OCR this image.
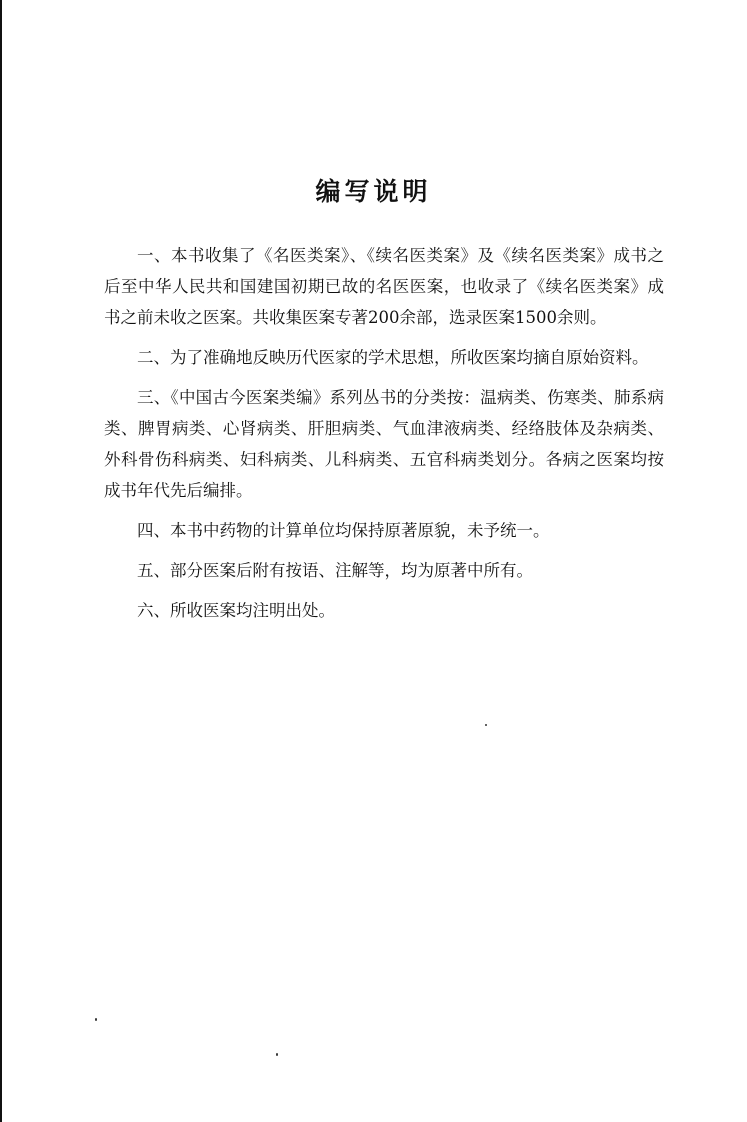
编写说明

一、本书收集了《名医类案》、《续名医类案》及《续名医类案》成书之后至中华人民共和国建国初期已故的名医医案，也收录了《续名医类案》成书之前未收之医案。共收集医案专著200余部，选录医案1500余则。

二、为了准确地反映历代医家的学术思想，所收医案均摘自原始资料。

三、《中国古今医案类编》系列丛书的分类按：温病类、伤寒类、肺系病类、脾胃病类、心肾病类、肝胆病类、气血津液病类、经络肢体及杂病类、外科骨伤科病类、妇科病类、儿科病类、五官科病类划分。各病之医案均按成书年代先后编排。

四、本书中药物的计算单位均保持原著原貌，未予统一。

五、部分医案后附有按语、注解等，均为原著中所有。

六、所收医案均注明出处。
